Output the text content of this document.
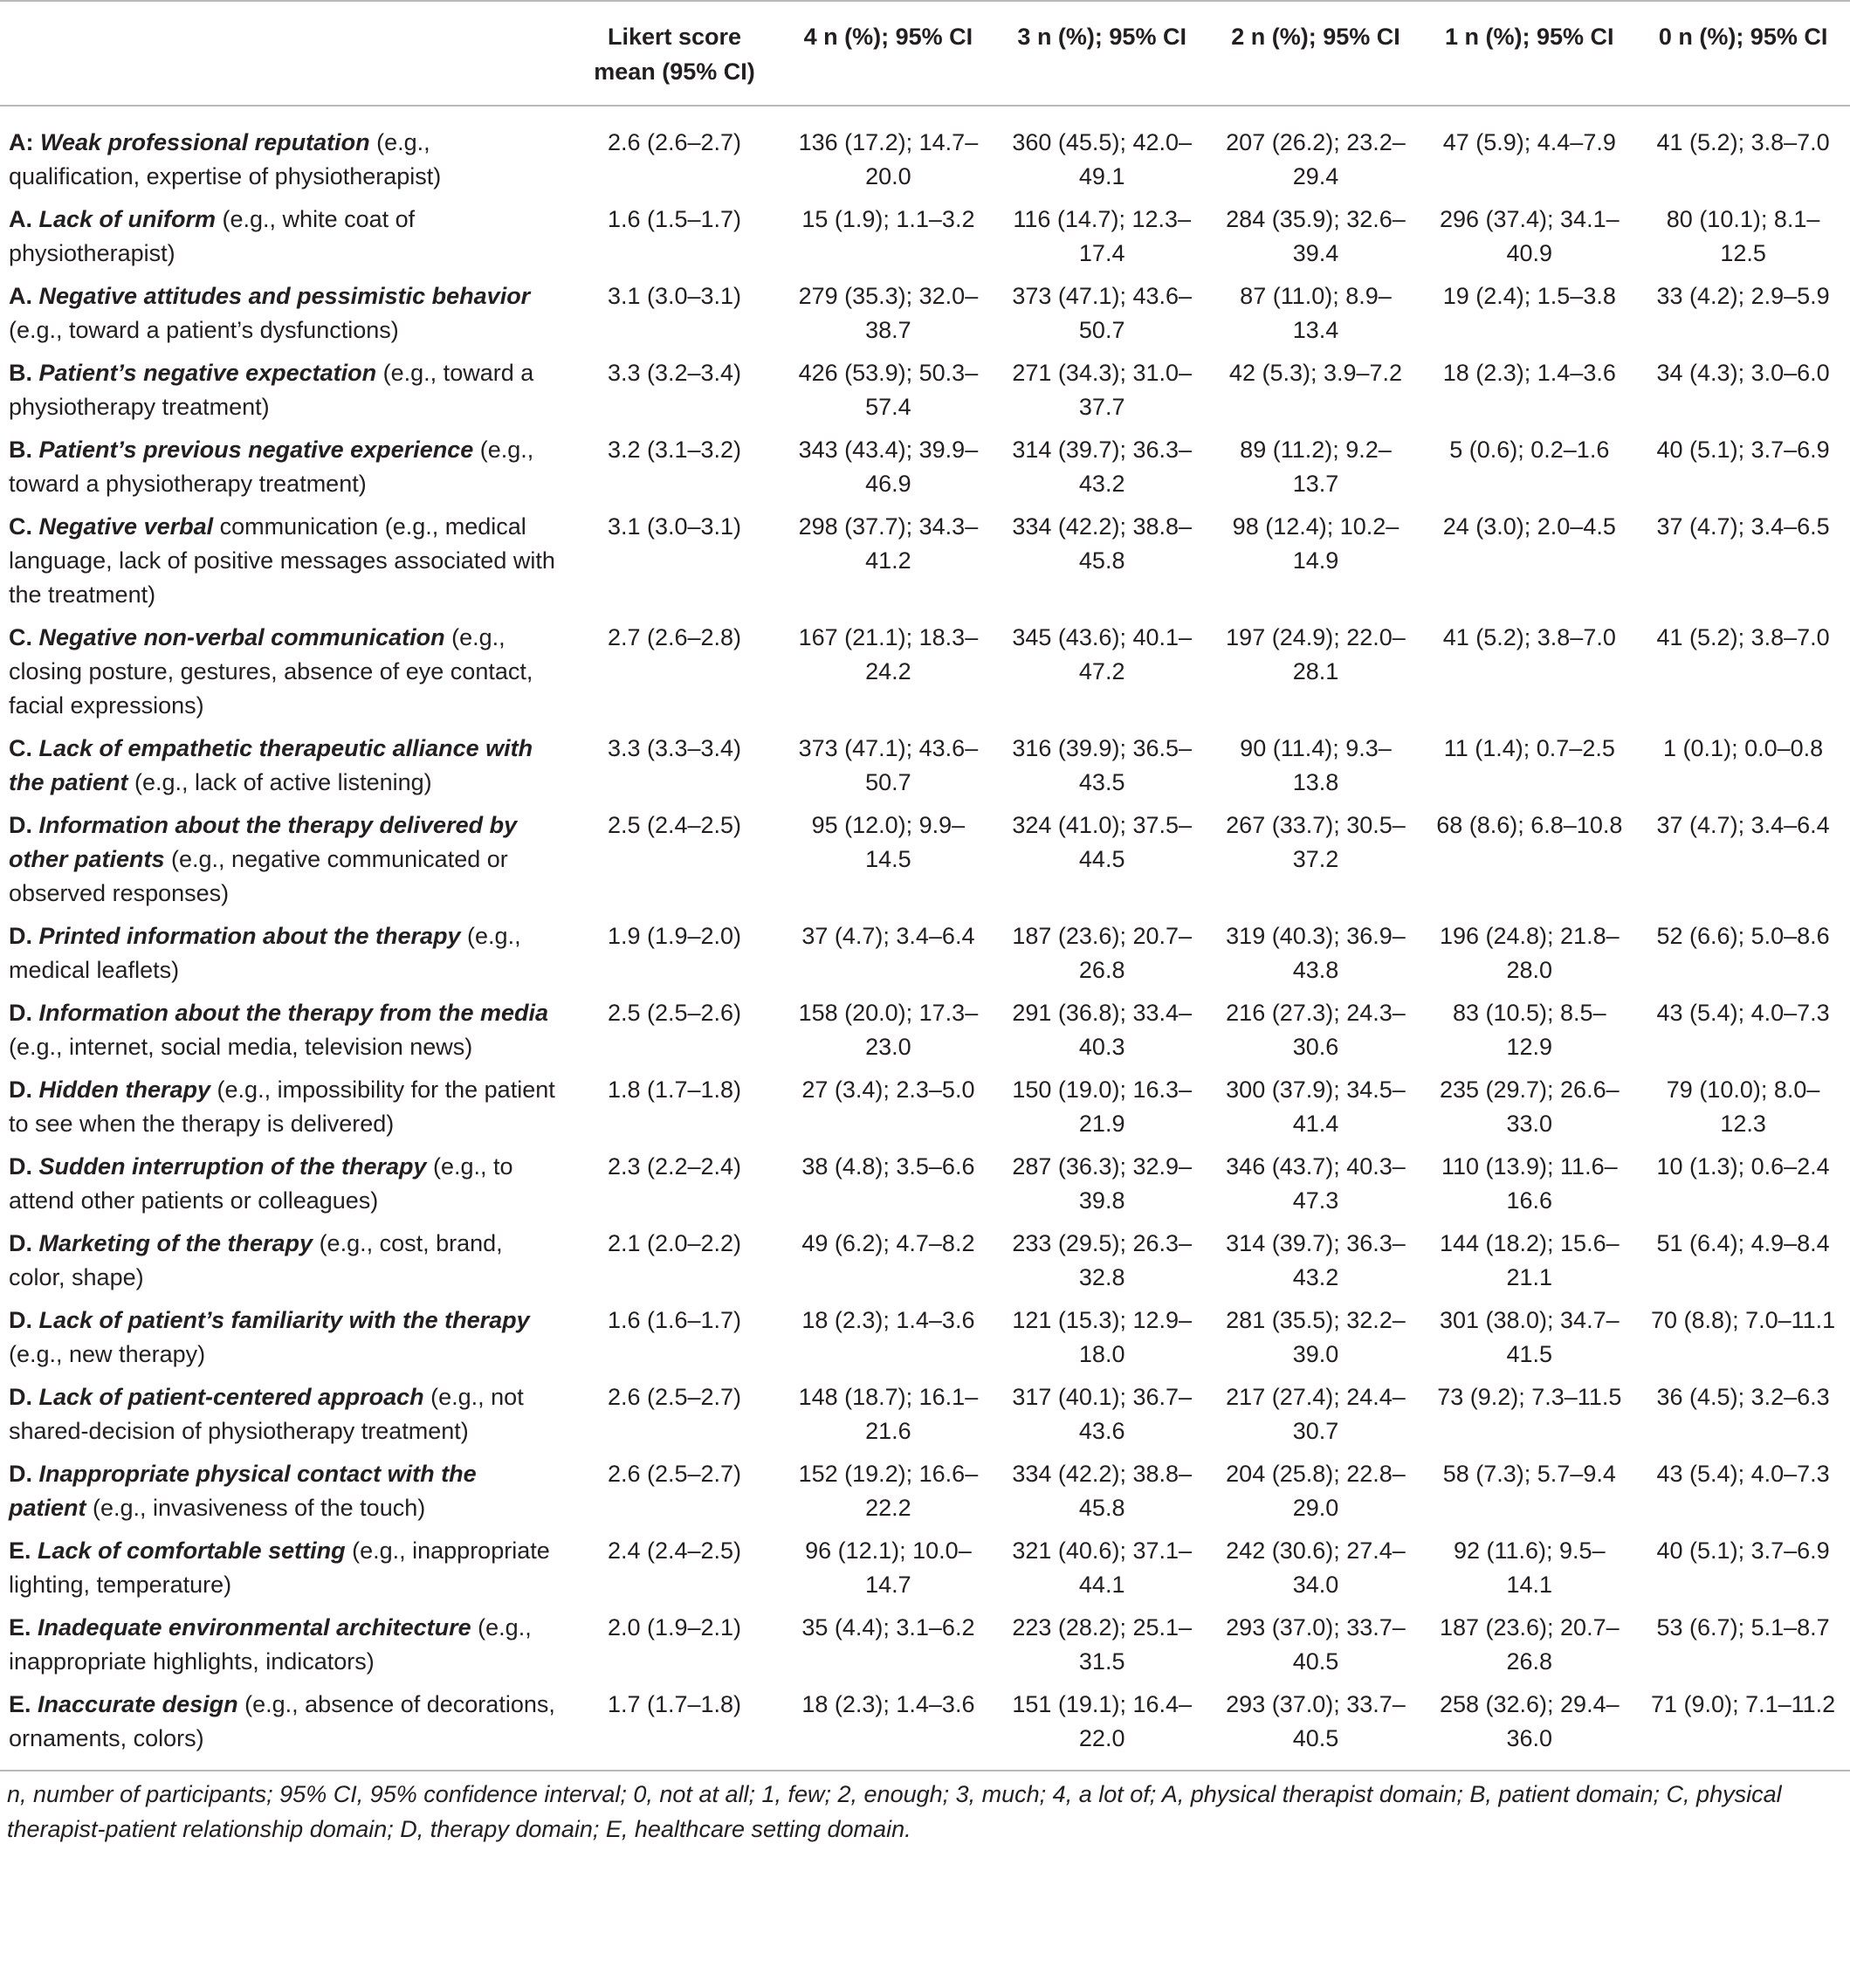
	Likert score mean (95% CI)	4 n (%); 95% CI	3 n (%); 95% CI	2 n (%); 95% CI	1 n (%); 95% CI	0 n (%); 95% CI
A: Weak professional reputation (e.g., qualification, expertise of physiotherapist)	2.6 (2.6–2.7)	136 (17.2); 14.7–20.0	360 (45.5); 42.0–49.1	207 (26.2); 23.2–29.4	47 (5.9); 4.4–7.9	41 (5.2); 3.8–7.0
A. Lack of uniform (e.g., white coat of physiotherapist)	1.6 (1.5–1.7)	15 (1.9); 1.1–3.2	116 (14.7); 12.3–17.4	284 (35.9); 32.6–39.4	296 (37.4); 34.1–40.9	80 (10.1); 8.1–12.5
A. Negative attitudes and pessimistic behavior (e.g., toward a patient’s dysfunctions)	3.1 (3.0–3.1)	279 (35.3); 32.0–38.7	373 (47.1); 43.6–50.7	87 (11.0); 8.9–13.4	19 (2.4); 1.5–3.8	33 (4.2); 2.9–5.9
B. Patient’s negative expectation (e.g., toward a physiotherapy treatment)	3.3 (3.2–3.4)	426 (53.9); 50.3–57.4	271 (34.3); 31.0–37.7	42 (5.3); 3.9–7.2	18 (2.3); 1.4–3.6	34 (4.3); 3.0–6.0
B. Patient’s previous negative experience (e.g., toward a physiotherapy treatment)	3.2 (3.1–3.2)	343 (43.4); 39.9–46.9	314 (39.7); 36.3–43.2	89 (11.2); 9.2–13.7	5 (0.6); 0.2–1.6	40 (5.1); 3.7–6.9
C. Negative verbal communication (e.g., medical language, lack of positive messages associated with the treatment)	3.1 (3.0–3.1)	298 (37.7); 34.3–41.2	334 (42.2); 38.8–45.8	98 (12.4); 10.2–14.9	24 (3.0); 2.0–4.5	37 (4.7); 3.4–6.5
C. Negative non-verbal communication (e.g., closing posture, gestures, absence of eye contact, facial expressions)	2.7 (2.6–2.8)	167 (21.1); 18.3–24.2	345 (43.6); 40.1–47.2	197 (24.9); 22.0–28.1	41 (5.2); 3.8–7.0	41 (5.2); 3.8–7.0
C. Lack of empathetic therapeutic alliance with the patient (e.g., lack of active listening)	3.3 (3.3–3.4)	373 (47.1); 43.6–50.7	316 (39.9); 36.5–43.5	90 (11.4); 9.3–13.8	11 (1.4); 0.7–2.5	1 (0.1); 0.0–0.8
D. Information about the therapy delivered by other patients (e.g., negative communicated or observed responses)	2.5 (2.4–2.5)	95 (12.0); 9.9–14.5	324 (41.0); 37.5–44.5	267 (33.7); 30.5–37.2	68 (8.6); 6.8–10.8	37 (4.7); 3.4–6.4
D. Printed information about the therapy (e.g., medical leaflets)	1.9 (1.9–2.0)	37 (4.7); 3.4–6.4	187 (23.6); 20.7–26.8	319 (40.3); 36.9–43.8	196 (24.8); 21.8–28.0	52 (6.6); 5.0–8.6
D. Information about the therapy from the media (e.g., internet, social media, television news)	2.5 (2.5–2.6)	158 (20.0); 17.3–23.0	291 (36.8); 33.4–40.3	216 (27.3); 24.3–30.6	83 (10.5); 8.5–12.9	43 (5.4); 4.0–7.3
D. Hidden therapy (e.g., impossibility for the patient to see when the therapy is delivered)	1.8 (1.7–1.8)	27 (3.4); 2.3–5.0	150 (19.0); 16.3–21.9	300 (37.9); 34.5–41.4	235 (29.7); 26.6–33.0	79 (10.0); 8.0–12.3
D. Sudden interruption of the therapy (e.g., to attend other patients or colleagues)	2.3 (2.2–2.4)	38 (4.8); 3.5–6.6	287 (36.3); 32.9–39.8	346 (43.7); 40.3–47.3	110 (13.9); 11.6–16.6	10 (1.3); 0.6–2.4
D. Marketing of the therapy (e.g., cost, brand, color, shape)	2.1 (2.0–2.2)	49 (6.2); 4.7–8.2	233 (29.5); 26.3–32.8	314 (39.7); 36.3–43.2	144 (18.2); 15.6–21.1	51 (6.4); 4.9–8.4
D. Lack of patient’s familiarity with the therapy (e.g., new therapy)	1.6 (1.6–1.7)	18 (2.3); 1.4–3.6	121 (15.3); 12.9–18.0	281 (35.5); 32.2–39.0	301 (38.0); 34.7–41.5	70 (8.8); 7.0–11.1
D. Lack of patient-centered approach (e.g., not shared-decision of physiotherapy treatment)	2.6 (2.5–2.7)	148 (18.7); 16.1–21.6	317 (40.1); 36.7–43.6	217 (27.4); 24.4–30.7	73 (9.2); 7.3–11.5	36 (4.5); 3.2–6.3
D. Inappropriate physical contact with the patient (e.g., invasiveness of the touch)	2.6 (2.5–2.7)	152 (19.2); 16.6–22.2	334 (42.2); 38.8–45.8	204 (25.8); 22.8–29.0	58 (7.3); 5.7–9.4	43 (5.4); 4.0–7.3
E. Lack of comfortable setting (e.g., inappropriate lighting, temperature)	2.4 (2.4–2.5)	96 (12.1); 10.0–14.7	321 (40.6); 37.1–44.1	242 (30.6); 27.4–34.0	92 (11.6); 9.5–14.1	40 (5.1); 3.7–6.9
E. Inadequate environmental architecture (e.g., inappropriate highlights, indicators)	2.0 (1.9–2.1)	35 (4.4); 3.1–6.2	223 (28.2); 25.1–31.5	293 (37.0); 33.7–40.5	187 (23.6); 20.7–26.8	53 (6.7); 5.1–8.7
E. Inaccurate design (e.g., absence of decorations, ornaments, colors)	1.7 (1.7–1.8)	18 (2.3); 1.4–3.6	151 (19.1); 16.4–22.0	293 (37.0); 33.7–40.5	258 (32.6); 29.4–36.0	71 (9.0); 7.1–11.2
n, number of participants; 95% CI, 95% confidence interval; 0, not at all; 1, few; 2, enough; 3, much; 4, a lot of; A, physical therapist domain; B, patient domain; C, physical therapist-patient relationship domain; D, therapy domain; E, healthcare setting domain.						
